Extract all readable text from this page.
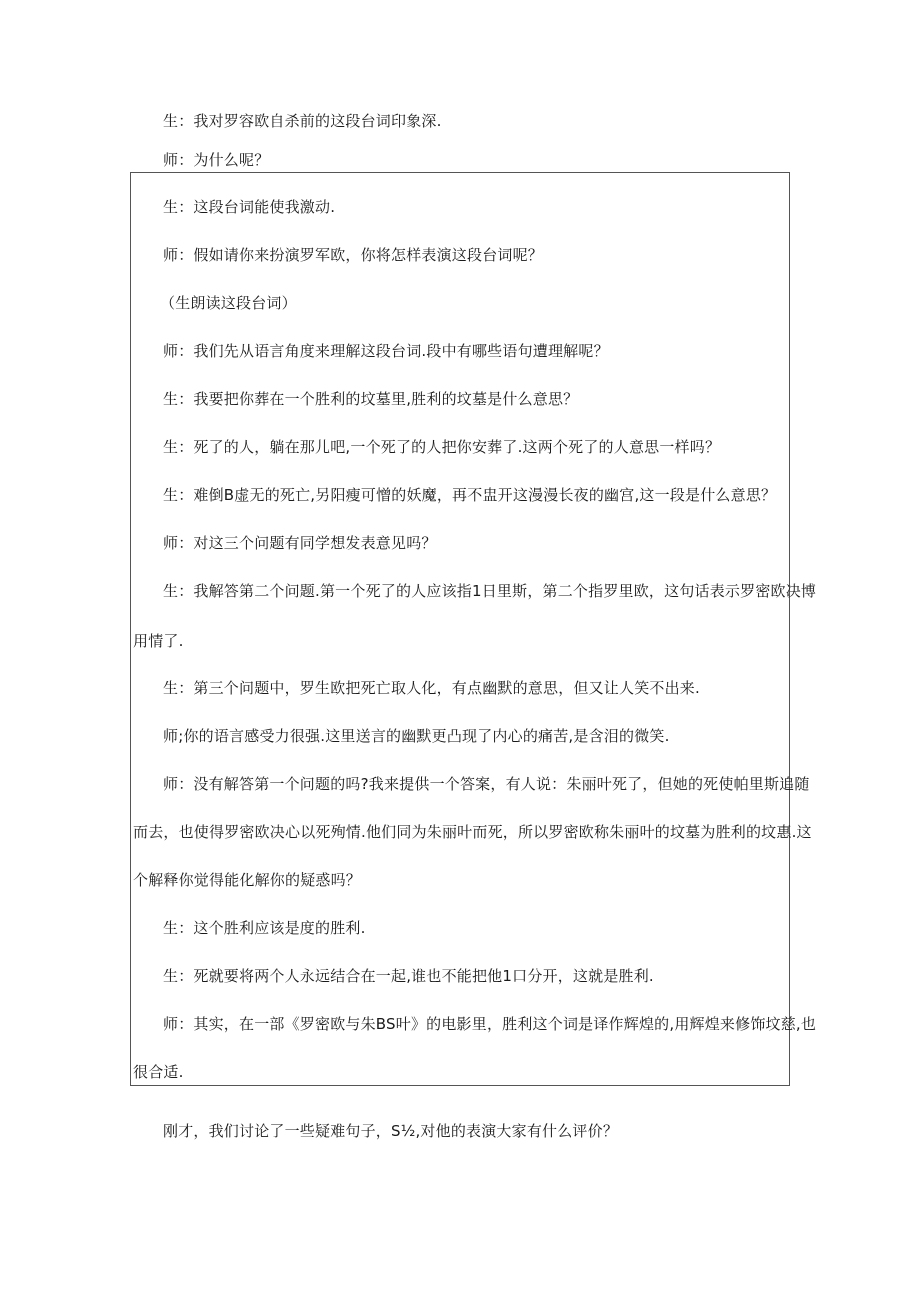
生：我对罗容欧自杀前的这段台词印象深.
师：为什么呢？
生：这段台词能使我激动.
师：假如请你来扮演罗军欧，你将怎样表演这段台词呢？
（生朗读这段台词）
师：我们先从语言角度来理解这段台词.段中有哪些语句遭理解呢？
生：我要把你葬在一个胜利的坟墓里,胜利的坟墓是什么意思？
生：死了的人，躺在那儿吧,一个死了的人把你安葬了.这两个死了的人意思一样吗？
生：难倒B虚无的死亡,另阳瘦可憎的妖魔，再不盅开这漫漫长夜的幽宫,这一段是什么意思？
师：对这三个问题有同学想发表意见吗？
生：我解答第二个问题.第一个死了的人应该指1日里斯，第二个指罗里欧，这句话表示罗密欧决博
用情了.
生：第三个问题中，罗生欧把死亡取人化，有点幽默的意思，但又让人笑不出来.
师;你的语言感受力很强.这里送言的幽默更凸现了内心的痛苦,是含泪的微笑.
师：没有解答第一个问题的吗?我来提供一个答案，有人说：朱丽叶死了，但她的死使帕里斯追随
而去，也使得罗密欧决心以死殉情.他们同为朱丽叶而死，所以罗密欧称朱丽叶的坟墓为胜利的坟惠.这
个解释你觉得能化解你的疑惑吗？
生：这个胜利应该是度的胜利.
生：死就要将两个人永远结合在一起,谁也不能把他1口分开，这就是胜利.
师：其实，在一部《罗密欧与朱BS叶》的电影里，胜利这个词是译作辉煌的,用辉煌来修饰坟慈,也
很合适.
刚才，我们讨论了一些疑难句子，S½,对他的表演大家有什么评价？
